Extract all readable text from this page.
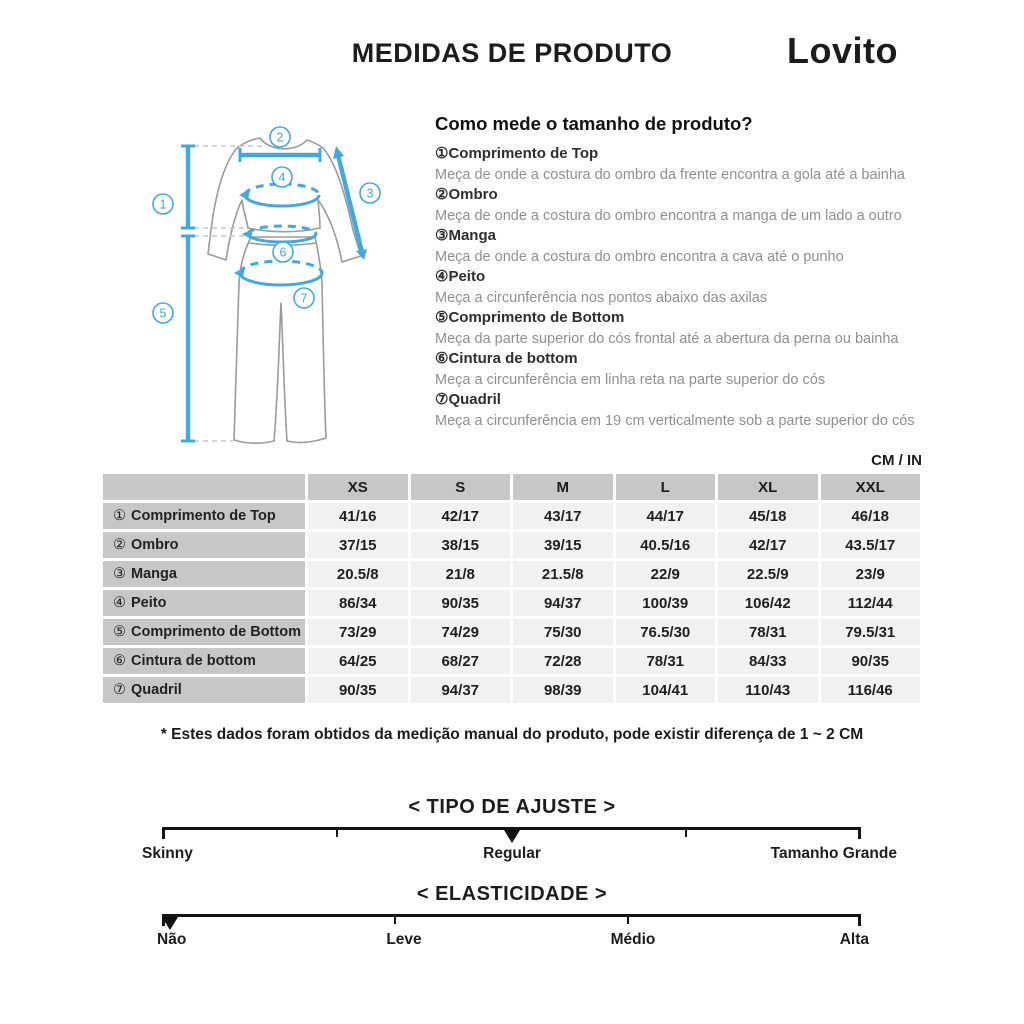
MEDIDAS DE PRODUTO	Lovito
1
2
3
4
5
6
7
Como mede o tamanho de produto?
①Comprimento de Top
Meça de onde a costura do ombro da frente encontra a gola até a bainha
②Ombro
Meça de onde a costura do ombro encontra a manga de um lado a outro
③Manga
Meça de onde a costura do ombro encontra a cava até o punho
④Peito
Meça a circunferência nos pontos abaixo das axilas
⑤Comprimento de Bottom
Meça da parte superior do cós frontal até a abertura da perna ou bainha
⑥Cintura de bottom
Meça a circunferência em linha reta na parte superior do cós
⑦Quadril
Meça a circunferência em 19 cm verticalmente sob a parte superior do cós
CM / IN
XS	S	M	L	XL	XXL
① Comprimento de Top	41/16	42/17	43/17	44/17	45/18	46/18
② Ombro	37/15	38/15	39/15	40.5/16	42/17	43.5/17
③ Manga	20.5/8	21/8	21.5/8	22/9	22.5/9	23/9
④ Peito	86/34	90/35	94/37	100/39	106/42	112/44
⑤ Comprimento de Bottom	73/29	74/29	75/30	76.5/30	78/31	79.5/31
⑥ Cintura de bottom	64/25	68/27	72/28	78/31	84/33	90/35
⑦ Quadril	90/35	94/37	98/39	104/41	110/43	116/46
* Estes dados foram obtidos da medição manual do produto, pode existir diferença de 1 ~ 2 CM
< TIPO DE AJUSTE >
Skinny	Regular	Tamanho Grande
< ELASTICIDADE >
Não	Leve	Médio	Alta
